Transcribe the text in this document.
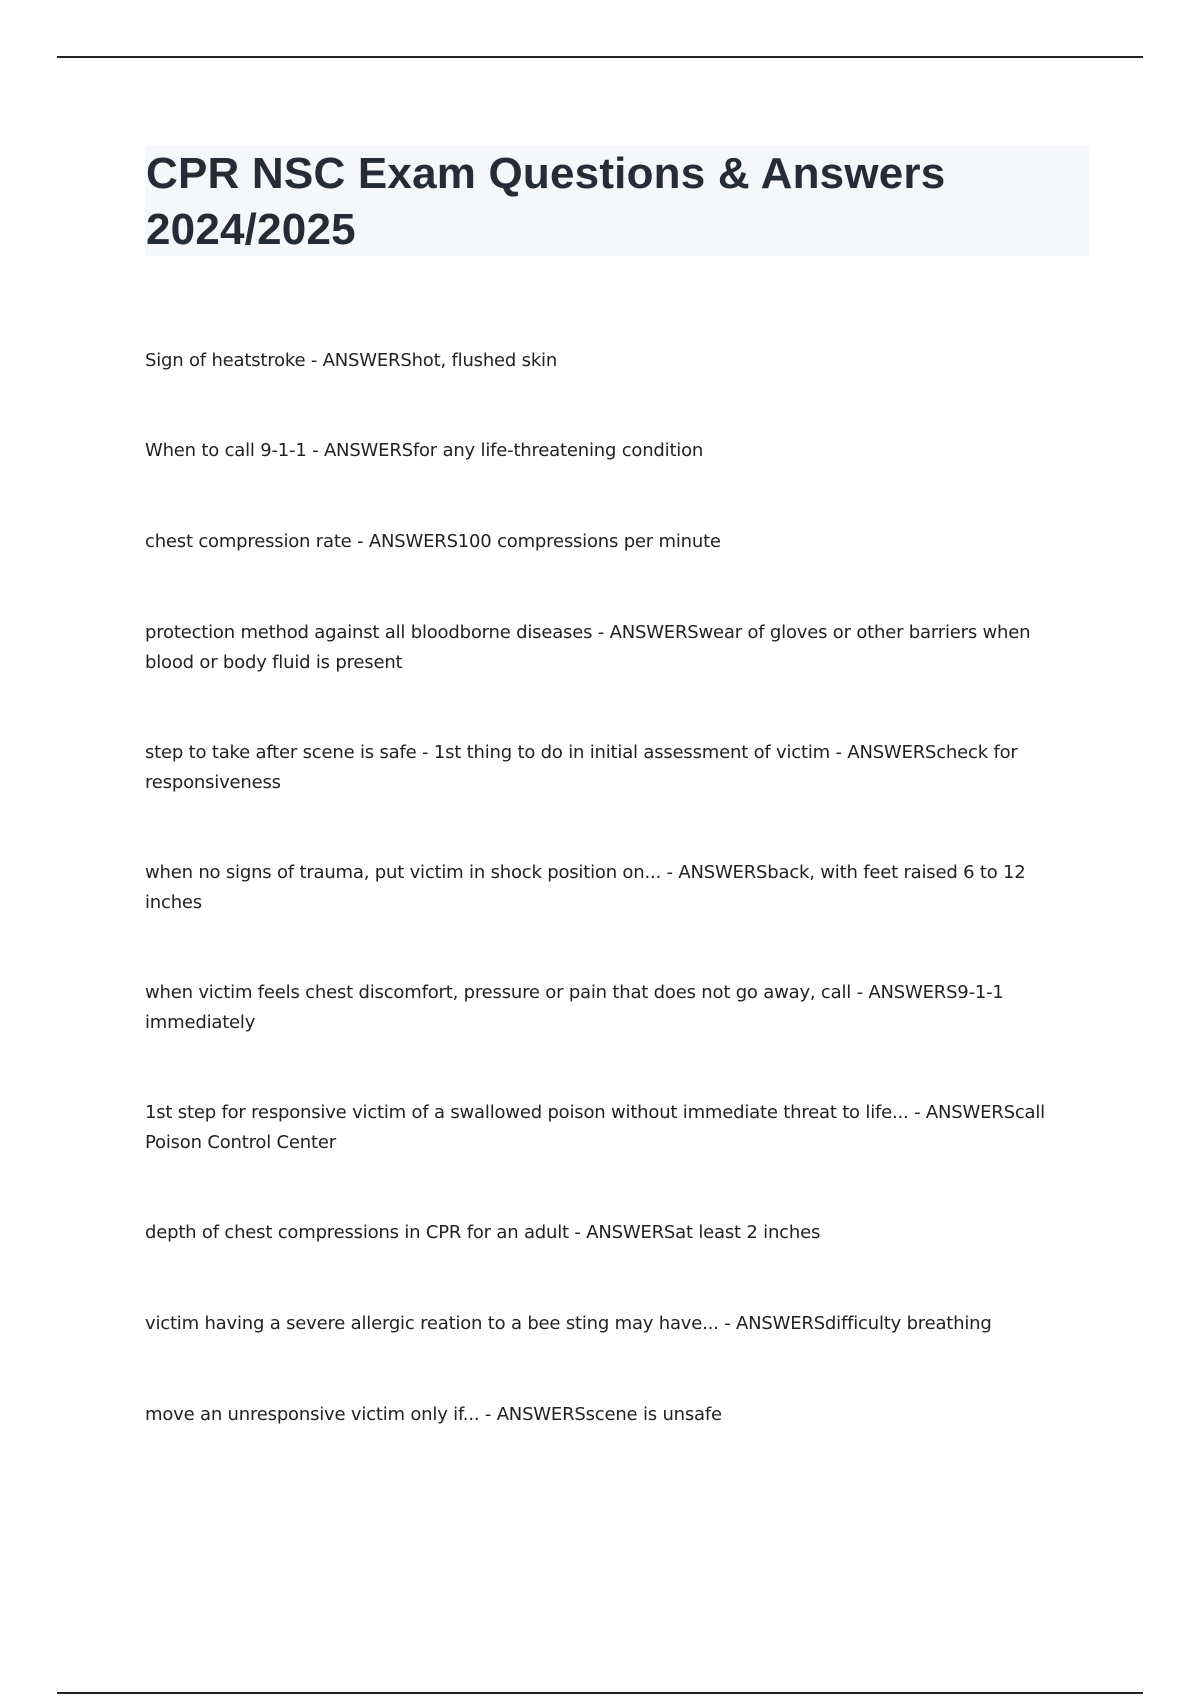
CPR NSC Exam Questions & Answers 2024/2025
Sign of heatstroke - ANSWERShot, flushed skin
When to call 9-1-1 - ANSWERSfor any life-threatening condition
chest compression rate - ANSWERS100 compressions per minute
protection method against all bloodborne diseases - ANSWERSwear of gloves or other barriers when blood or body fluid is present
step to take after scene is safe - 1st thing to do in initial assessment of victim - ANSWERScheck for responsiveness
when no signs of trauma, put victim in shock position on... - ANSWERSback, with feet raised 6 to 12 inches
when victim feels chest discomfort, pressure or pain that does not go away, call - ANSWERS9-1-1 immediately
1st step for responsive victim of a swallowed poison without immediate threat to life... - ANSWERScall Poison Control Center
depth of chest compressions in CPR for an adult - ANSWERSat least 2 inches
victim having a severe allergic reation to a bee sting may have... - ANSWERSdifficulty breathing
move an unresponsive victim only if... - ANSWERSscene is unsafe
